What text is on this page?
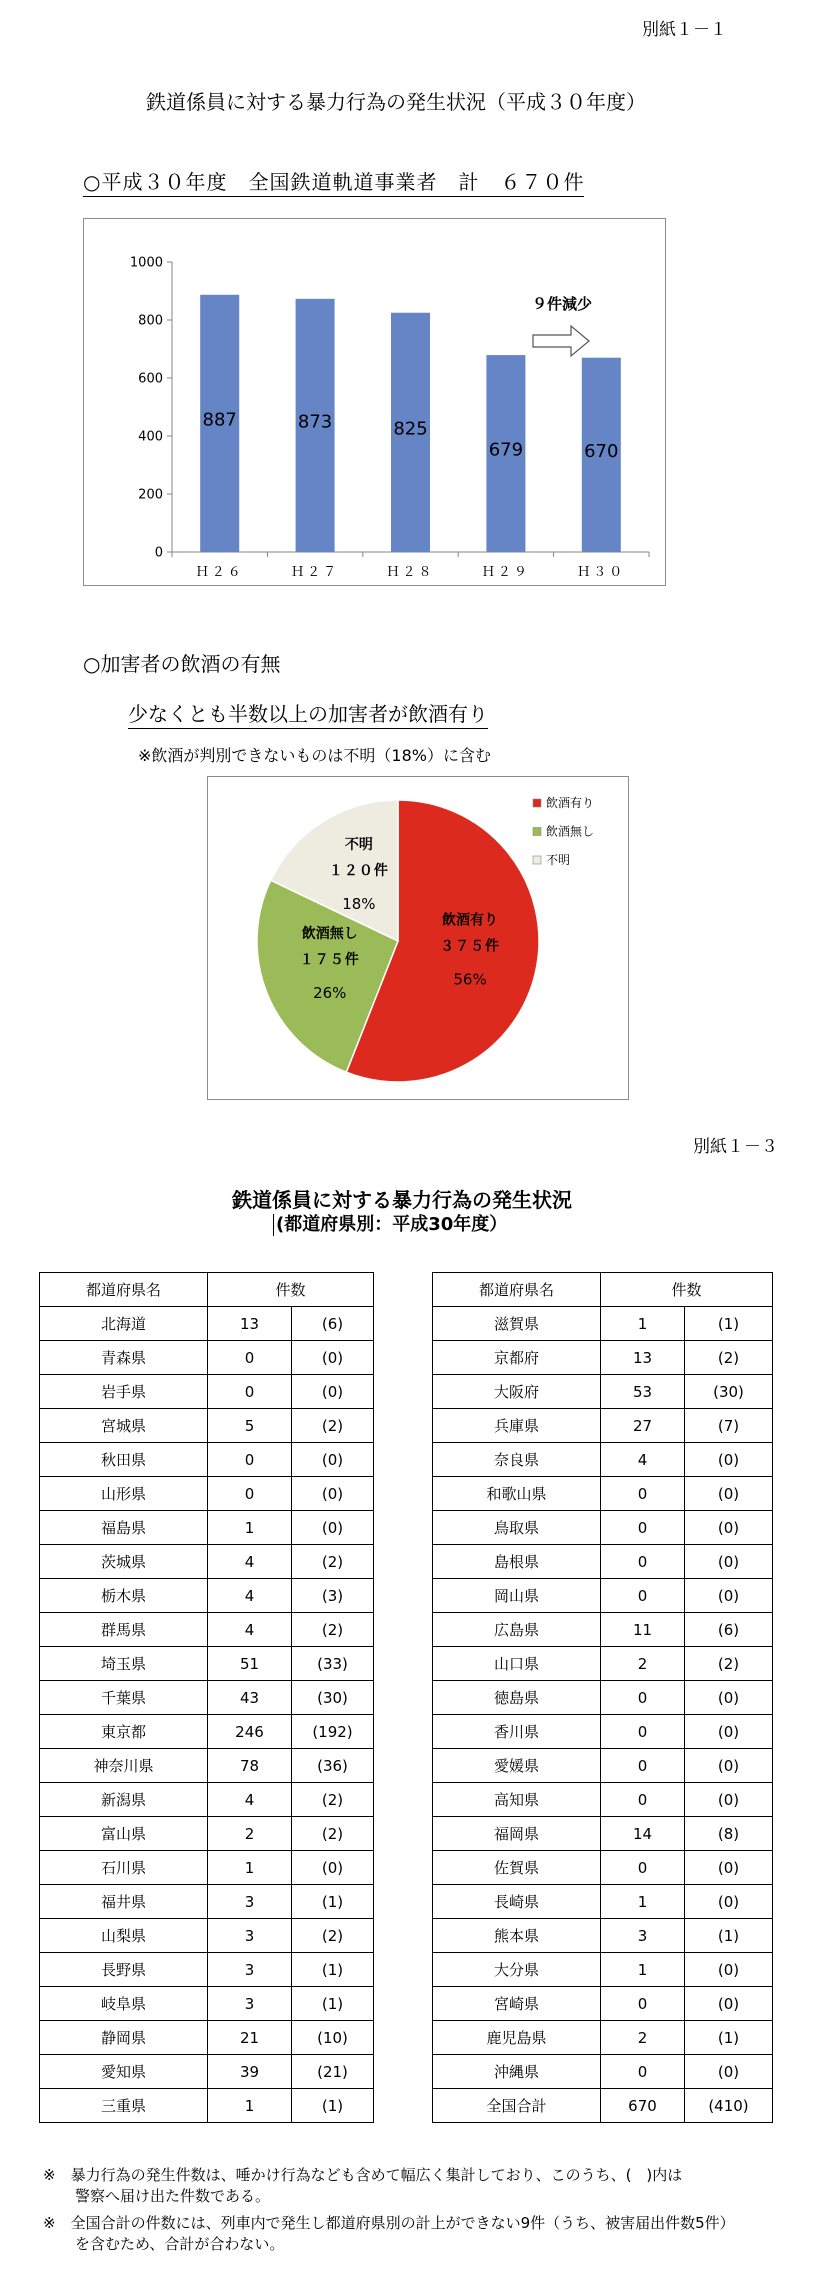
別紙１－１
鉄道係員に対する暴力行為の発生状況（平成３０年度）
○平成３０年度　全国鉄道軌道事業者　計　６７０件
0
200
400
600
800
1000
887
Ｈ２６
873
Ｈ２７
825
Ｈ２８
679
Ｈ２９
670
Ｈ３０
９件減少
○加害者の飲酒の有無
少なくとも半数以上の加害者が飲酒有り
※飲酒が判別できないものは不明（18%）に含む
飲酒有り
３７５件
56%
飲酒無し
１７５件
26%
不明
１２０件
18%
飲酒有り
飲酒無し
不明
別紙１－３
鉄道係員に対する暴力行為の発生状況
(都道府県別：平成30年度）
都道府県名	件数	
北海道	13	(6)
青森県	0	(0)
岩手県	0	(0)
宮城県	5	(2)
秋田県	0	(0)
山形県	0	(0)
福島県	1	(0)
茨城県	4	(2)
栃木県	4	(3)
群馬県	4	(2)
埼玉県	51	(33)
千葉県	43	(30)
東京都	246	(192)
神奈川県	78	(36)
新潟県	4	(2)
富山県	2	(2)
石川県	1	(0)
福井県	3	(1)
山梨県	3	(2)
長野県	3	(1)
岐阜県	3	(1)
静岡県	21	(10)
愛知県	39	(21)
三重県	1	(1)
都道府県名	件数	
滋賀県	1	(1)
京都府	13	(2)
大阪府	53	(30)
兵庫県	27	(7)
奈良県	4	(0)
和歌山県	0	(0)
鳥取県	0	(0)
島根県	0	(0)
岡山県	0	(0)
広島県	11	(6)
山口県	2	(2)
徳島県	0	(0)
香川県	0	(0)
愛媛県	0	(0)
高知県	0	(0)
福岡県	14	(8)
佐賀県	0	(0)
長崎県	1	(0)
熊本県	3	(1)
大分県	1	(0)
宮崎県	0	(0)
鹿児島県	2	(1)
沖縄県	0	(0)
全国合計	670	(410)
※　暴力行為の発生件数は、唾かけ行為なども含めて幅広く集計しており、このうち、(　)内は
警察へ届け出た件数である。
※　全国合計の件数には、列車内で発生し都道府県別の計上ができない9件（うち、被害届出件数5件）
を含むため、合計が合わない。
